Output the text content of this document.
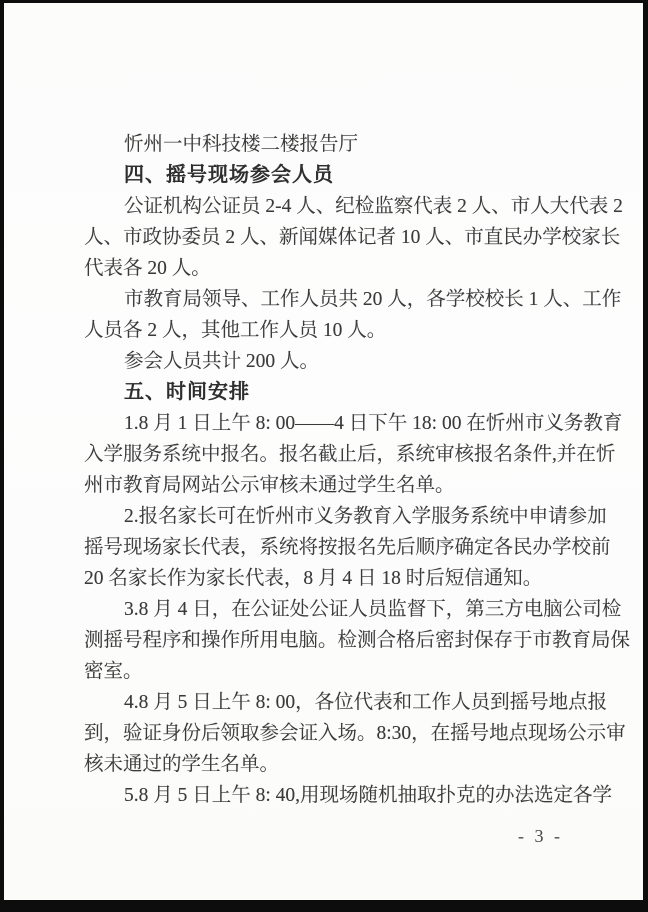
忻州一中科技楼二楼报告厅
四、摇号现场参会人员
公证机构公证员 2-4 人、纪检监察代表 2 人、市人大代表 2
人、市政协委员 2 人、新闻媒体记者 10 人、市直民办学校家长
代表各 20 人。
市教育局领导、工作人员共 20 人，各学校校长 1 人、工作
人员各 2 人，其他工作人员 10 人。
参会人员共计 200 人。
五、时间安排
1.8 月 1 日上午 8: 00——4 日下午 18: 00 在忻州市义务教育
入学服务系统中报名。报名截止后，系统审核报名条件,并在忻
州市教育局网站公示审核未通过学生名单。
2.报名家长可在忻州市义务教育入学服务系统中申请参加
摇号现场家长代表，系统将按报名先后顺序确定各民办学校前
20 名家长作为家长代表，8 月 4 日 18 时后短信通知。
3.8 月 4 日，在公证处公证人员监督下，第三方电脑公司检
测摇号程序和操作所用电脑。检测合格后密封保存于市教育局保
密室。
4.8 月 5 日上午 8: 00，各位代表和工作人员到摇号地点报
到，验证身份后领取参会证入场。8:30，在摇号地点现场公示审
核未通过的学生名单。
5.8 月 5 日上午 8: 40,用现场随机抽取扑克的办法选定各学
- 3 -
